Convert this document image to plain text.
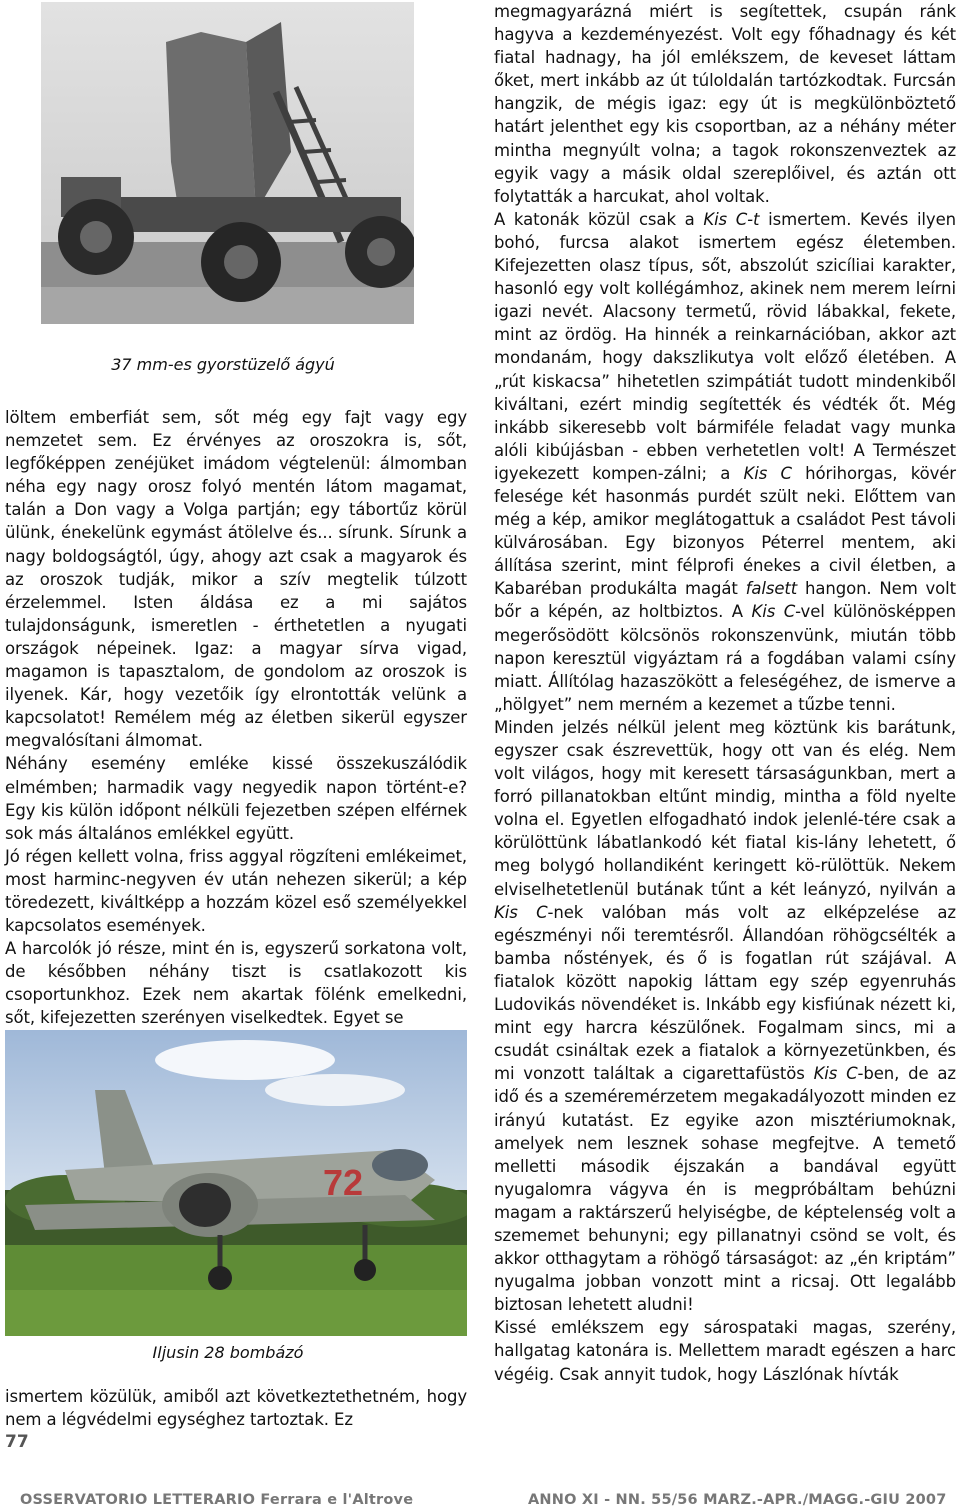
37 mm-es gyorstüzelő ágyú

löltem emberfiát sem, sőt még egy fajt vagy egy nemzetet sem. Ez érvényes az oroszokra is, sőt, legfőképpen zenéjüket imádom végtelenül: álmomban néha egy nagy orosz folyó mentén látom magamat, talán a Don vagy a Volga partján; egy tábortűz körül ülünk, énekelünk egymást átölelve és... sírunk. Sírunk a nagy boldogságtól, úgy, ahogy azt csak a magyarok és az oroszok tudják, mikor a szív megtelik túlzott érzelemmel. Isten áldása ez a mi sajátos tulajdonságunk, ismeretlen - érthetetlen a nyugati országok népeinek. Igaz: a magyar sírva vigad, magamon is tapasztalom, de gondolom az oroszok is ilyenek. Kár, hogy vezetőik így elrontották velünk a kapcsolatot! Remélem még az életben sikerül egyszer megvalósítani álmomat.

Néhány esemény emléke kissé összekuszálódik elmémben; harmadik vagy negyedik napon történt-e? Egy kis külön időpont nélküli fejezetben szépen elférnek sok más általános emlékkel együtt.

Jó régen kellett volna, friss aggyal rögzíteni emlékeimet, most harminc-negyven év után nehezen sikerül; a kép töredezett, kiváltképp a hozzám közel eső személyekkel kapcsolatos események.

A harcolók jó része, mint én is, egyszerű sorkatona volt, de későbben néhány tiszt is csatlakozott kis csoportunkhoz. Ezek nem akartak fölénk emelkedni, sőt, kifejezetten szerényen viselkedtek. Egyet se

72
Iljusin 28 bombázó

ismertem közülük, amiből azt következtethetném, hogy nem a légvédelmi egységhez tartoztak. Ez

77

megmagyarázná miért is segítettek, csupán ránk hagyva a kezdeményezést. Volt egy főhadnagy és két fiatal hadnagy, ha jól emlékszem, de keveset láttam őket, mert inkább az út túloldalán tartózkodtak. Furcsán hangzik, de mégis igaz: egy út is megkülönböztető határt jelenthet egy kis csoportban, az a néhány méter mintha megnyúlt volna; a tagok rokonszenveztek az egyik vagy a másik oldal szereplőivel, és aztán ott folytatták a harcukat, ahol voltak.

A katonák közül csak a Kis C-t ismertem. Kevés ilyen bohó, furcsa alakot ismertem egész életemben. Kifejezetten olasz típus, sőt, abszolút szicíliai karakter, hasonló egy volt kollégámhoz, akinek nem merem leírni igazi nevét. Alacsony termetű, rövid lábakkal, fekete, mint az ördög. Ha hinnék a reinkarnációban, akkor azt mondanám, hogy dakszlikutya volt előző életében. A „rút kiskacsa” hihetetlen szimpátiát tudott mindenkiből kiváltani, ezért mindig segítették és védték őt. Még inkább sikeresebb volt bármiféle feladat vagy munka alóli kibújásban - ebben verhetetlen volt! A Természet igyekezett kompen-zálni; a Kis C hórihorgas, kövér felesége két hasonmás purdét szült neki. Előttem van még a kép, amikor meglátogattuk a családot Pest távoli külvárosában. Egy bizonyos Péterrel mentem, aki állítása szerint, mint félprofi énekes a civil életben, a Kabaréban produkálta magát falsett hangon. Nem volt bőr a képén, az holtbiztos. A Kis C-vel különösképpen megerősödött kölcsönös rokonszenvünk, miután több napon keresztül vigyáztam rá a fogdában valami csíny miatt. Állítólag hazaszökött a feleségéhez, de ismerve a „hölgyet” nem merném a kezemet a tűzbe tenni.

Minden jelzés nélkül jelent meg köztünk kis barátunk, egyszer csak észrevettük, hogy ott van és elég. Nem volt világos, hogy mit keresett társaságunkban, mert a forró pillanatokban eltűnt mindig, mintha a föld nyelte volna el. Egyetlen elfogadható indok jelenlé-tére csak a körülöttünk lábatlankodó két fiatal kis-lány lehetett, ő meg bolygó hollandiként keringett kö-rülöttük. Nekem elviselhetetlenül butának tűnt a két leányzó, nyilván a Kis C-nek valóban más volt az elképzelése az egészményi női teremtésről. Állandóan röhögcsélték a bamba nőstények, és ő is fogatlan rút szájával. A fiatalok között napokig láttam egy szép egyenruhás Ludovikás növendéket is. Inkább egy kisfiúnak nézett ki, mint egy harcra készülőnek. Fogalmam sincs, mi a csudát csináltak ezek a fiatalok a környezetünkben, és mi vonzott találtak a cigarettafüstös Kis C-ben, de az idő és a szeméremérzetem megakadályozott minden ez irányú kutatást. Ez egyike azon misztériumoknak, amelyek nem lesznek sohase megfejtve. A temető melletti második éjszakán a bandával együtt nyugalomra vágyva én is megpróbáltam behúzni magam a raktárszerű helyiségbe, de képtelenség volt a szememet behunyni; egy pillanatnyi csönd se volt, és akkor otthagytam a röhögő társaságot: az „én kriptám” nyugalma jobban vonzott mint a ricsaj. Ott legalább biztosan lehetett aludni!

Kissé emlékszem egy sárospataki magas, szerény, hallgatag katonára is. Mellettem maradt egészen a harc végéig. Csak annyit tudok, hogy Lászlónak hívták

OSSERVATORIO LETTERARIO Ferrara e l'Altrove	ANNO XI - NN. 55/56 MARZ.-APR./MAGG.-GIU 2007
